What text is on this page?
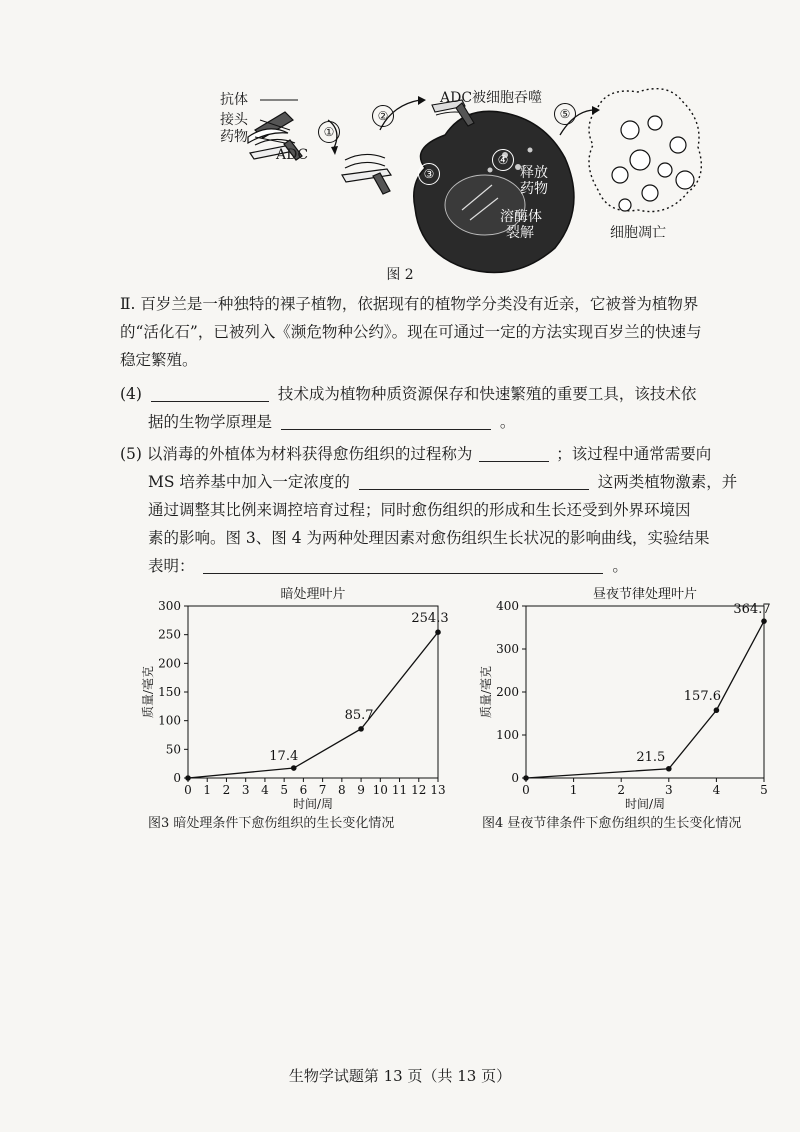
抗体
接头
药物
ADC
ADC被细胞吞噬
释放
药物
溶酶体
裂解	细胞凋亡
①
②
③
④
⑤
图 2
Ⅱ. 百岁兰是一种独特的裸子植物，依据现有的植物学分类没有近亲，它被誉为植物界
的“活化石”，已被列入《濒危物种公约》。现在可通过一定的方法实现百岁兰的快速与
稳定繁殖。
(4)	技术成为植物种质资源保存和快速繁殖的重要工具，该技术依
据的生物学原理是	。
(5) 以消毒的外植体为材料获得愈伤组织的过程称为	；该过程中通常需要向
MS 培养基中加入一定浓度的	这两类植物激素，并
通过调整其比例来调控培育过程；同时愈伤组织的形成和生长还受到外界环境因
素的影响。图 3、图 4 为两种处理因素对愈伤组织生长状况的影响曲线，实验结果
表明：	。
暗处理叶片
0
50
100
150
200
250
300
0 1 2 3 4 5 6 7 8 9 10 11 12 13
时间/周
质量/毫克
17.4
85.7
254.3
图3 暗处理条件下愈伤组织的生长变化情况
昼夜节律处理叶片
0
100
200
300
400
0	1	2	3	4	5
时间/周
质量/毫克
21.5
157.6
364.7
图4 昼夜节律条件下愈伤组织的生长变化情况
生物学试题第 13 页（共 13 页）
